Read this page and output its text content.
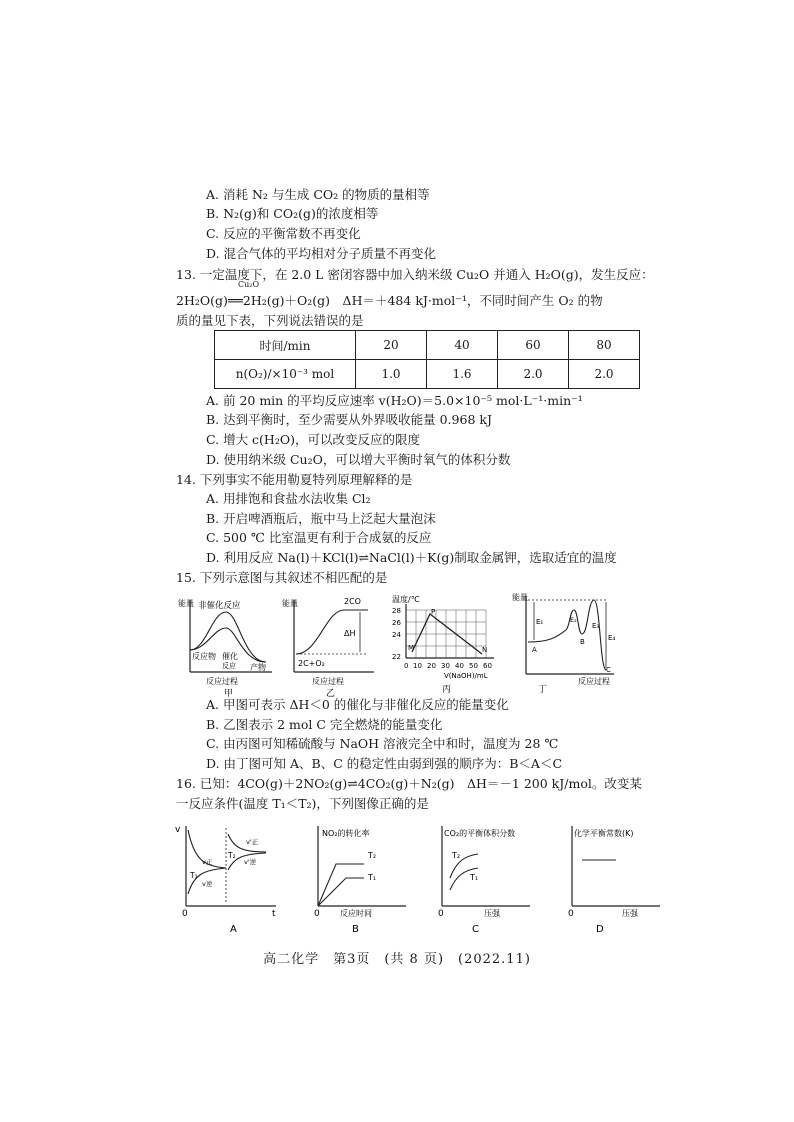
A. 消耗 N₂ 与生成 CO₂ 的物质的量相等
B. N₂(g)和 CO₂(g)的浓度相等
C. 反应的平衡常数不再变化
D. 混合气体的平均相对分子质量不再变化
13. 一定温度下，在 2.0 L 密闭容器中加入纳米级 Cu₂O 并通入 H₂O(g)，发生反应：
Cu₂O
2H₂O(g)══2H₂(g)＋O₂(g)　ΔH＝＋484 kJ·mol⁻¹，不同时间产生 O₂ 的物
质的量见下表，下列说法错误的是
时间/min	20	40	60	80
n(O₂)/×10⁻³ mol	1.0	1.6	2.0	2.0
A. 前 20 min 的平均反应速率 v(H₂O)＝5.0×10⁻⁵ mol·L⁻¹·min⁻¹
B. 达到平衡时，至少需要从外界吸收能量 0.968 kJ
C. 增大 c(H₂O)，可以改变反应的限度
D. 使用纳米级 Cu₂O，可以增大平衡时氧气的体积分数
14. 下列事实不能用勒夏特列原理解释的是
A. 用排饱和食盐水法收集 Cl₂
B. 开启啤酒瓶后，瓶中马上泛起大量泡沫
C. 500 ℃ 比室温更有利于合成氨的反应
D. 利用反应 Na(l)＋KCl(l)⇌NaCl(l)＋K(g)制取金属钾，选取适宜的温度
15. 下列示意图与其叙述不相匹配的是
能量 非催化反应
反应物 催化
反应 产物
反应过程
甲
能量	2CO
ΔH
2C+O₂
反应过程
乙
温度/℃
28
26
24
22
M
P
N
0 10 20 30 40 50 60
V(NaOH)/mL
丙
能量
E₁	E₂
E₃
E₄
A
B
C
反应过程
丁
A. 甲图可表示 ΔH＜0 的催化与非催化反应的能量变化
B. 乙图表示 2 mol C 完全燃烧的能量变化
C. 由丙图可知稀硫酸与 NaOH 溶液完全中和时，温度为 28 ℃
D. 由丁图可知 A、B、C 的稳定性由弱到强的顺序为：B＜A＜C
16. 已知：4CO(g)＋2NO₂(g)⇌4CO₂(g)＋N₂(g)　ΔH＝－1 200 kJ/mol。改变某
一反应条件(温度 T₁＜T₂)，下列图像正确的是
v
0	t
v正
v逆
T₁
T₂
v'正
v'逆
A
NO₂的转化率
0
T₂
T₁
反应时间
B
CO₂的平衡体积分数
0
T₂
T₁
压强
C
化学平衡常数(K)
0	压强
D
高二化学　第3页　(共 8 页)　(2022.11)
